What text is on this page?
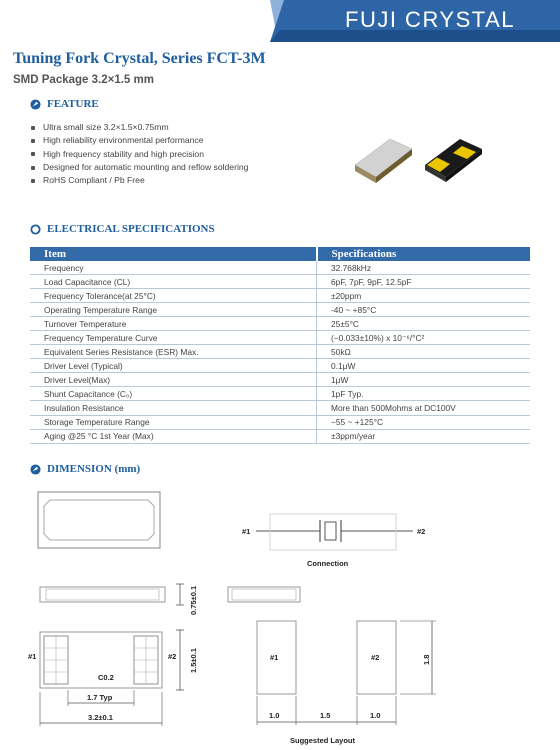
FUJI CRYSTAL
Tuning Fork Crystal, Series FCT-3M
SMD Package 3.2×1.5 mm
FEATURE
Ultra small size 3.2×1.5×0.75mm
High reliability environmental performance
High frequency stability and high precision
Designed for automatic mounting and reflow soldering
RoHS Compliant / Pb Free
ELECTRICAL SPECIFICATIONS
Item	Specifications
Frequency	32.768kHz
Load Capacitance (CL)	6pF, 7pF, 9pF, 12.5pF
Frequency Tolerance(at 25°C)	±20ppm
Operating Temperature Range	-40 ~ +85°C
Turnover Temperature	25±5°C
Frequency Temperature Curve	(−0.033±10%) x 10⁻⁶/°C²
Equivalent Series Resistance (ESR) Max.	50kΩ
Driver Level (Typical)	0.1μW
Driver Level(Max)	1μW
Shunt Capacitance (C₀)	1pF Typ.
Insulation Resistance	More than 500Mohms at DC100V
Storage Temperature Range	−55 ~ +125°C
Aging @25 °C 1st Year (Max)	±3ppm/year
DIMENSION (mm)
#1	#2
Connection
0.75±0.1
#1	#2
C0.2
1.5±0.1
1.7 Typ
3.2±0.1
#1	#2	1.8
1.0	1.5	1.0
Suggested Layout
